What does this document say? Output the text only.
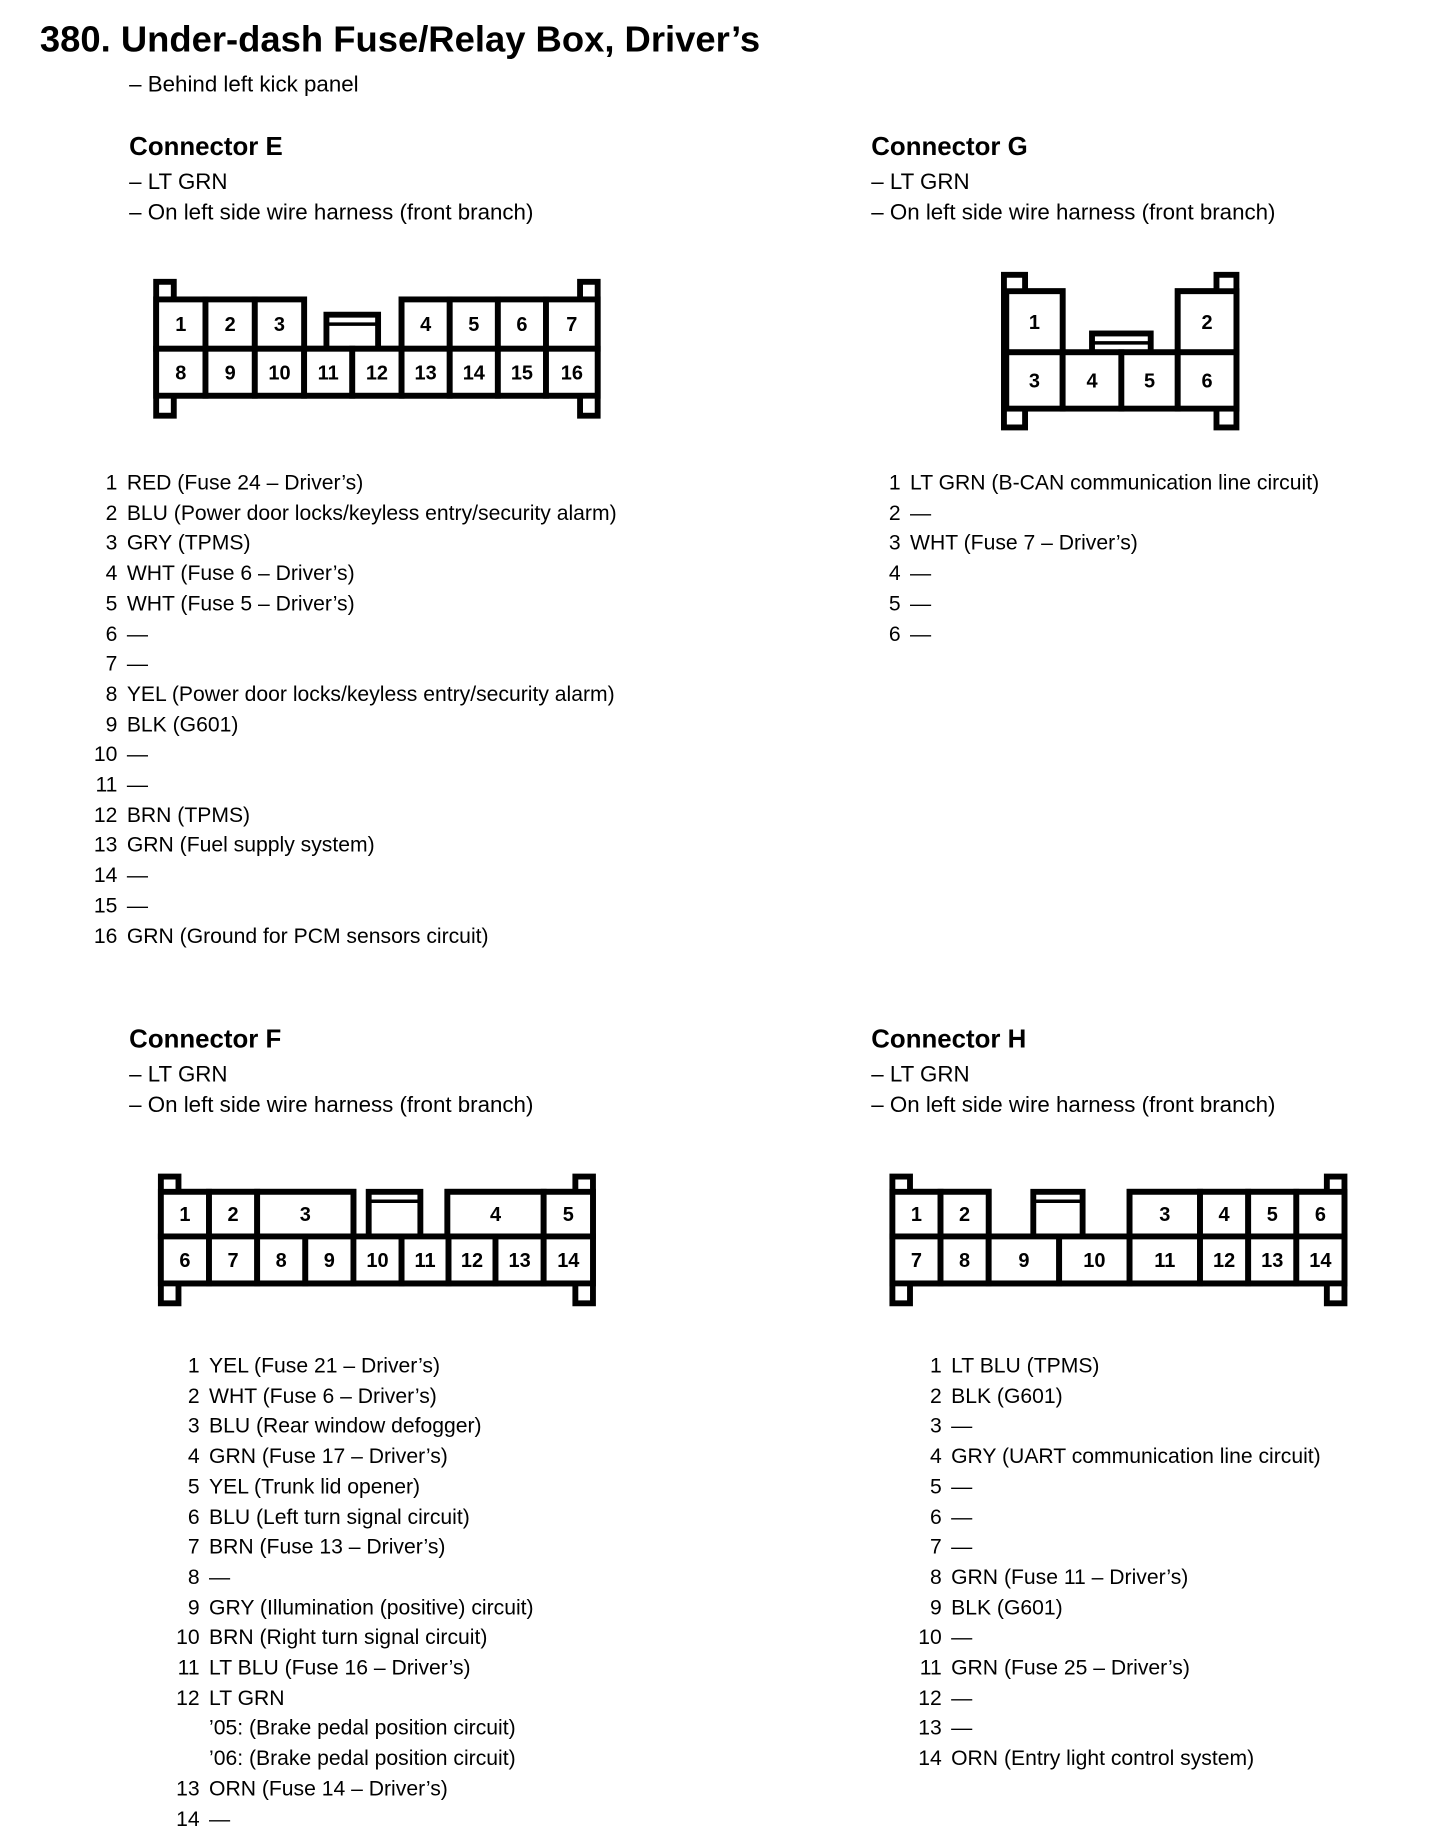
380. Under-dash Fuse/Relay Box, Driver’s
– Behind left kick panel
Connector E
– LT GRN
– On left side wire harness (front branch)
1 RED (Fuse 24 – Driver’s)
2 BLU (Power door locks/keyless entry/security alarm)
3 GRY (TPMS)
4 WHT (Fuse 6 – Driver’s)
5 WHT (Fuse 5 – Driver’s)
6 —
7 —
8 YEL (Power door locks/keyless entry/security alarm)
9 BLK (G601)
10 —
11 —
12 BRN (TPMS)
13 GRN (Fuel supply system)
14 —
15 —
16 GRN (Ground for PCM sensors circuit)
Connector G
– LT GRN
– On left side wire harness (front branch)
1 LT GRN (B-CAN communication line circuit)
2 —
3 WHT (Fuse 7 – Driver’s)
4 —
5 —
6 —
Connector F
– LT GRN
– On left side wire harness (front branch)
1 YEL (Fuse 21 – Driver’s)
2 WHT (Fuse 6 – Driver’s)
3 BLU (Rear window defogger)
4 GRN (Fuse 17 – Driver’s)
5 YEL (Trunk lid opener)
6 BLU (Left turn signal circuit)
7 BRN (Fuse 13 – Driver’s)
8 —
9 GRY (Illumination (positive) circuit)
10 BRN (Right turn signal circuit)
11 LT BLU (Fuse 16 – Driver’s)
12 LT GRN
’05: (Brake pedal position circuit)
’06: (Brake pedal position circuit)
13 ORN (Fuse 14 – Driver’s)
14 —
Connector H
– LT GRN
– On left side wire harness (front branch)
1 LT BLU (TPMS)
2 BLK (G601)
3 —
4 GRY (UART communication line circuit)
5 —
6 —
7 —
8 GRN (Fuse 11 – Driver’s)
9 BLK (G601)
10 —
11 GRN (Fuse 25 – Driver’s)
12 —
13 —
14 ORN (Entry light control system)
1 2 3	4 5 6 7
8 9 10 11 12 13 14 15 16
1	2
3	4	5	6
1 2	3	4	5
6 7 8 9 10 11 12 13 14
1 2	3	4 5 6
7 8	9	10	11 12 13 14
